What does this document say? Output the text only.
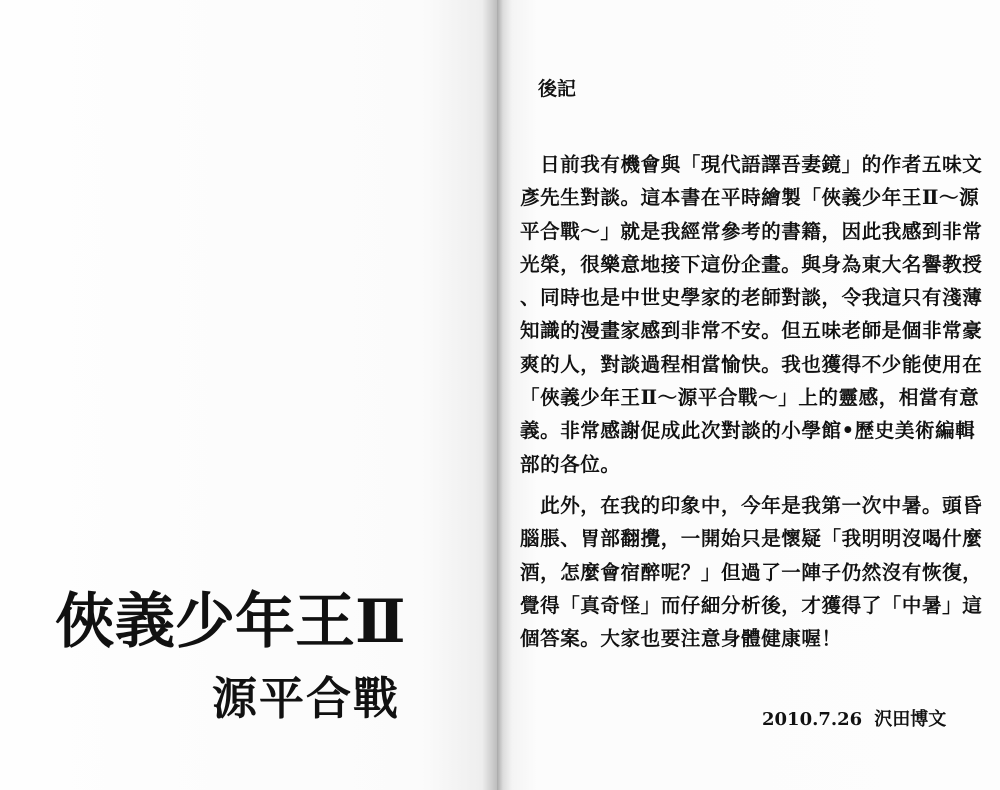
俠義少年王Ⅱ
源平合戰
後記
　日前我有機會與「現代語譯吾妻鏡」的作者五味文
彥先生對談。這本書在平時繪製「俠義少年王Ⅱ～源
平合戰～」就是我經常參考的書籍，因此我感到非常
光榮，很樂意地接下這份企畫。與身為東大名譽教授
、同時也是中世史學家的老師對談，令我這只有淺薄
知識的漫畫家感到非常不安。但五味老師是個非常豪
爽的人，對談過程相當愉快。我也獲得不少能使用在
「俠義少年王Ⅱ～源平合戰～」上的靈感，相當有意
義。非常感謝促成此次對談的小學館•歷史美術編輯
部的各位。
　此外，在我的印象中，今年是我第一次中暑。頭昏
腦脹、胃部翻攪，一開始只是懷疑「我明明沒喝什麼
酒，怎麼會宿醉呢？」但過了一陣子仍然沒有恢復，
覺得「真奇怪」而仔細分析後，才獲得了「中暑」這
個答案。大家也要注意身體健康喔！
2010.7.26 沢田博文
